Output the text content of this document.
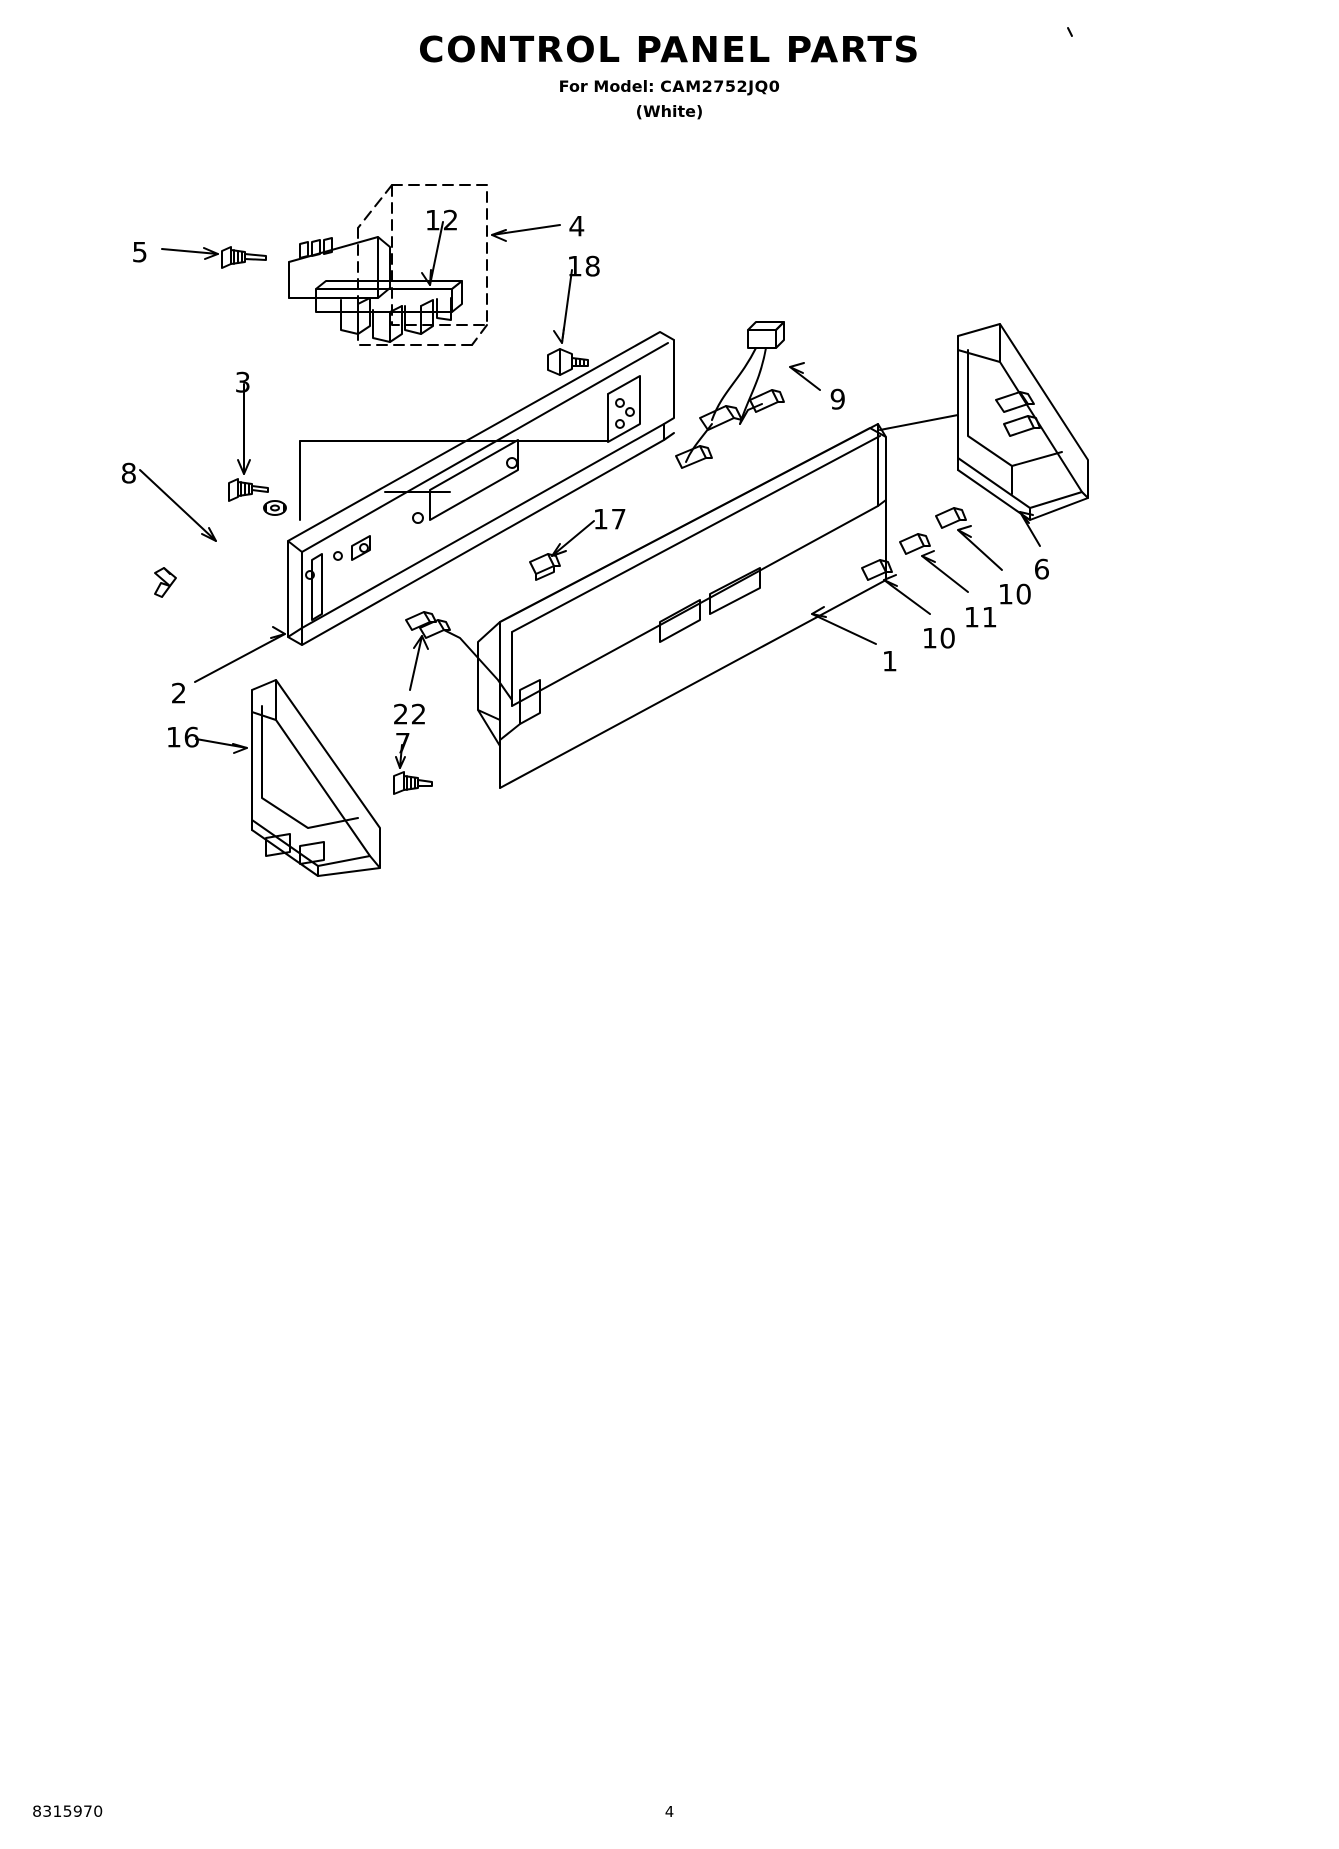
CONTROL PANEL PARTS
For Model: CAM2752JQ0
(White)
5
12	4
18
3
9
8
17
6
10
11
10
1
2
22
7
16
8315970	4
